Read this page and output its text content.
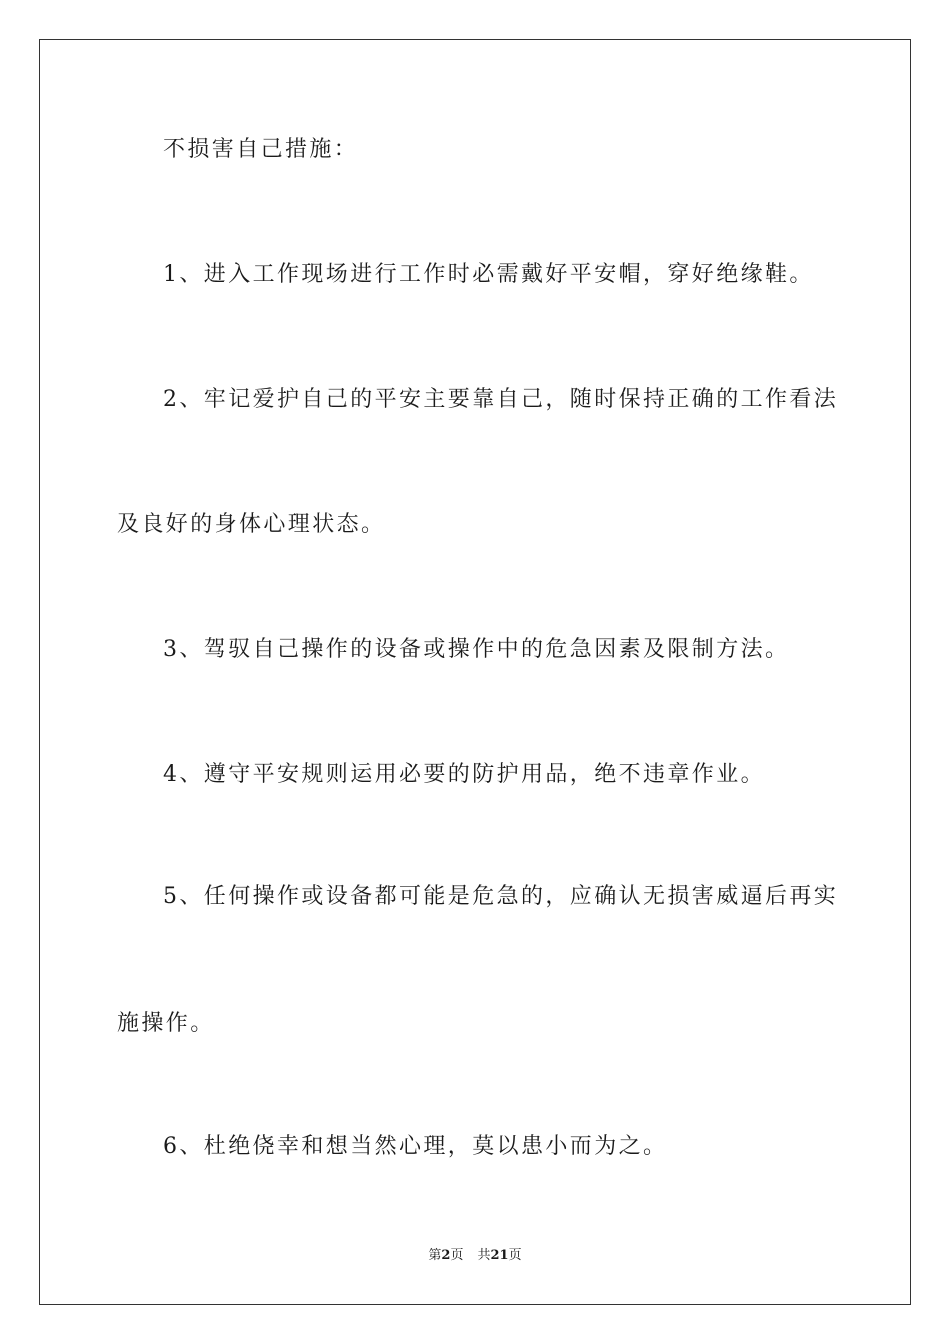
不损害自己措施：
1、进入工作现场进行工作时必需戴好平安帽，穿好绝缘鞋。
2、牢记爱护自己的平安主要靠自己，随时保持正确的工作看法
及良好的身体心理状态。
3、驾驭自己操作的设备或操作中的危急因素及限制方法。
4、遵守平安规则运用必要的防护用品，绝不违章作业。
5、任何操作或设备都可能是危急的，应确认无损害威逼后再实
施操作。
6、杜绝侥幸和想当然心理，莫以患小而为之。
第2页 共21页
